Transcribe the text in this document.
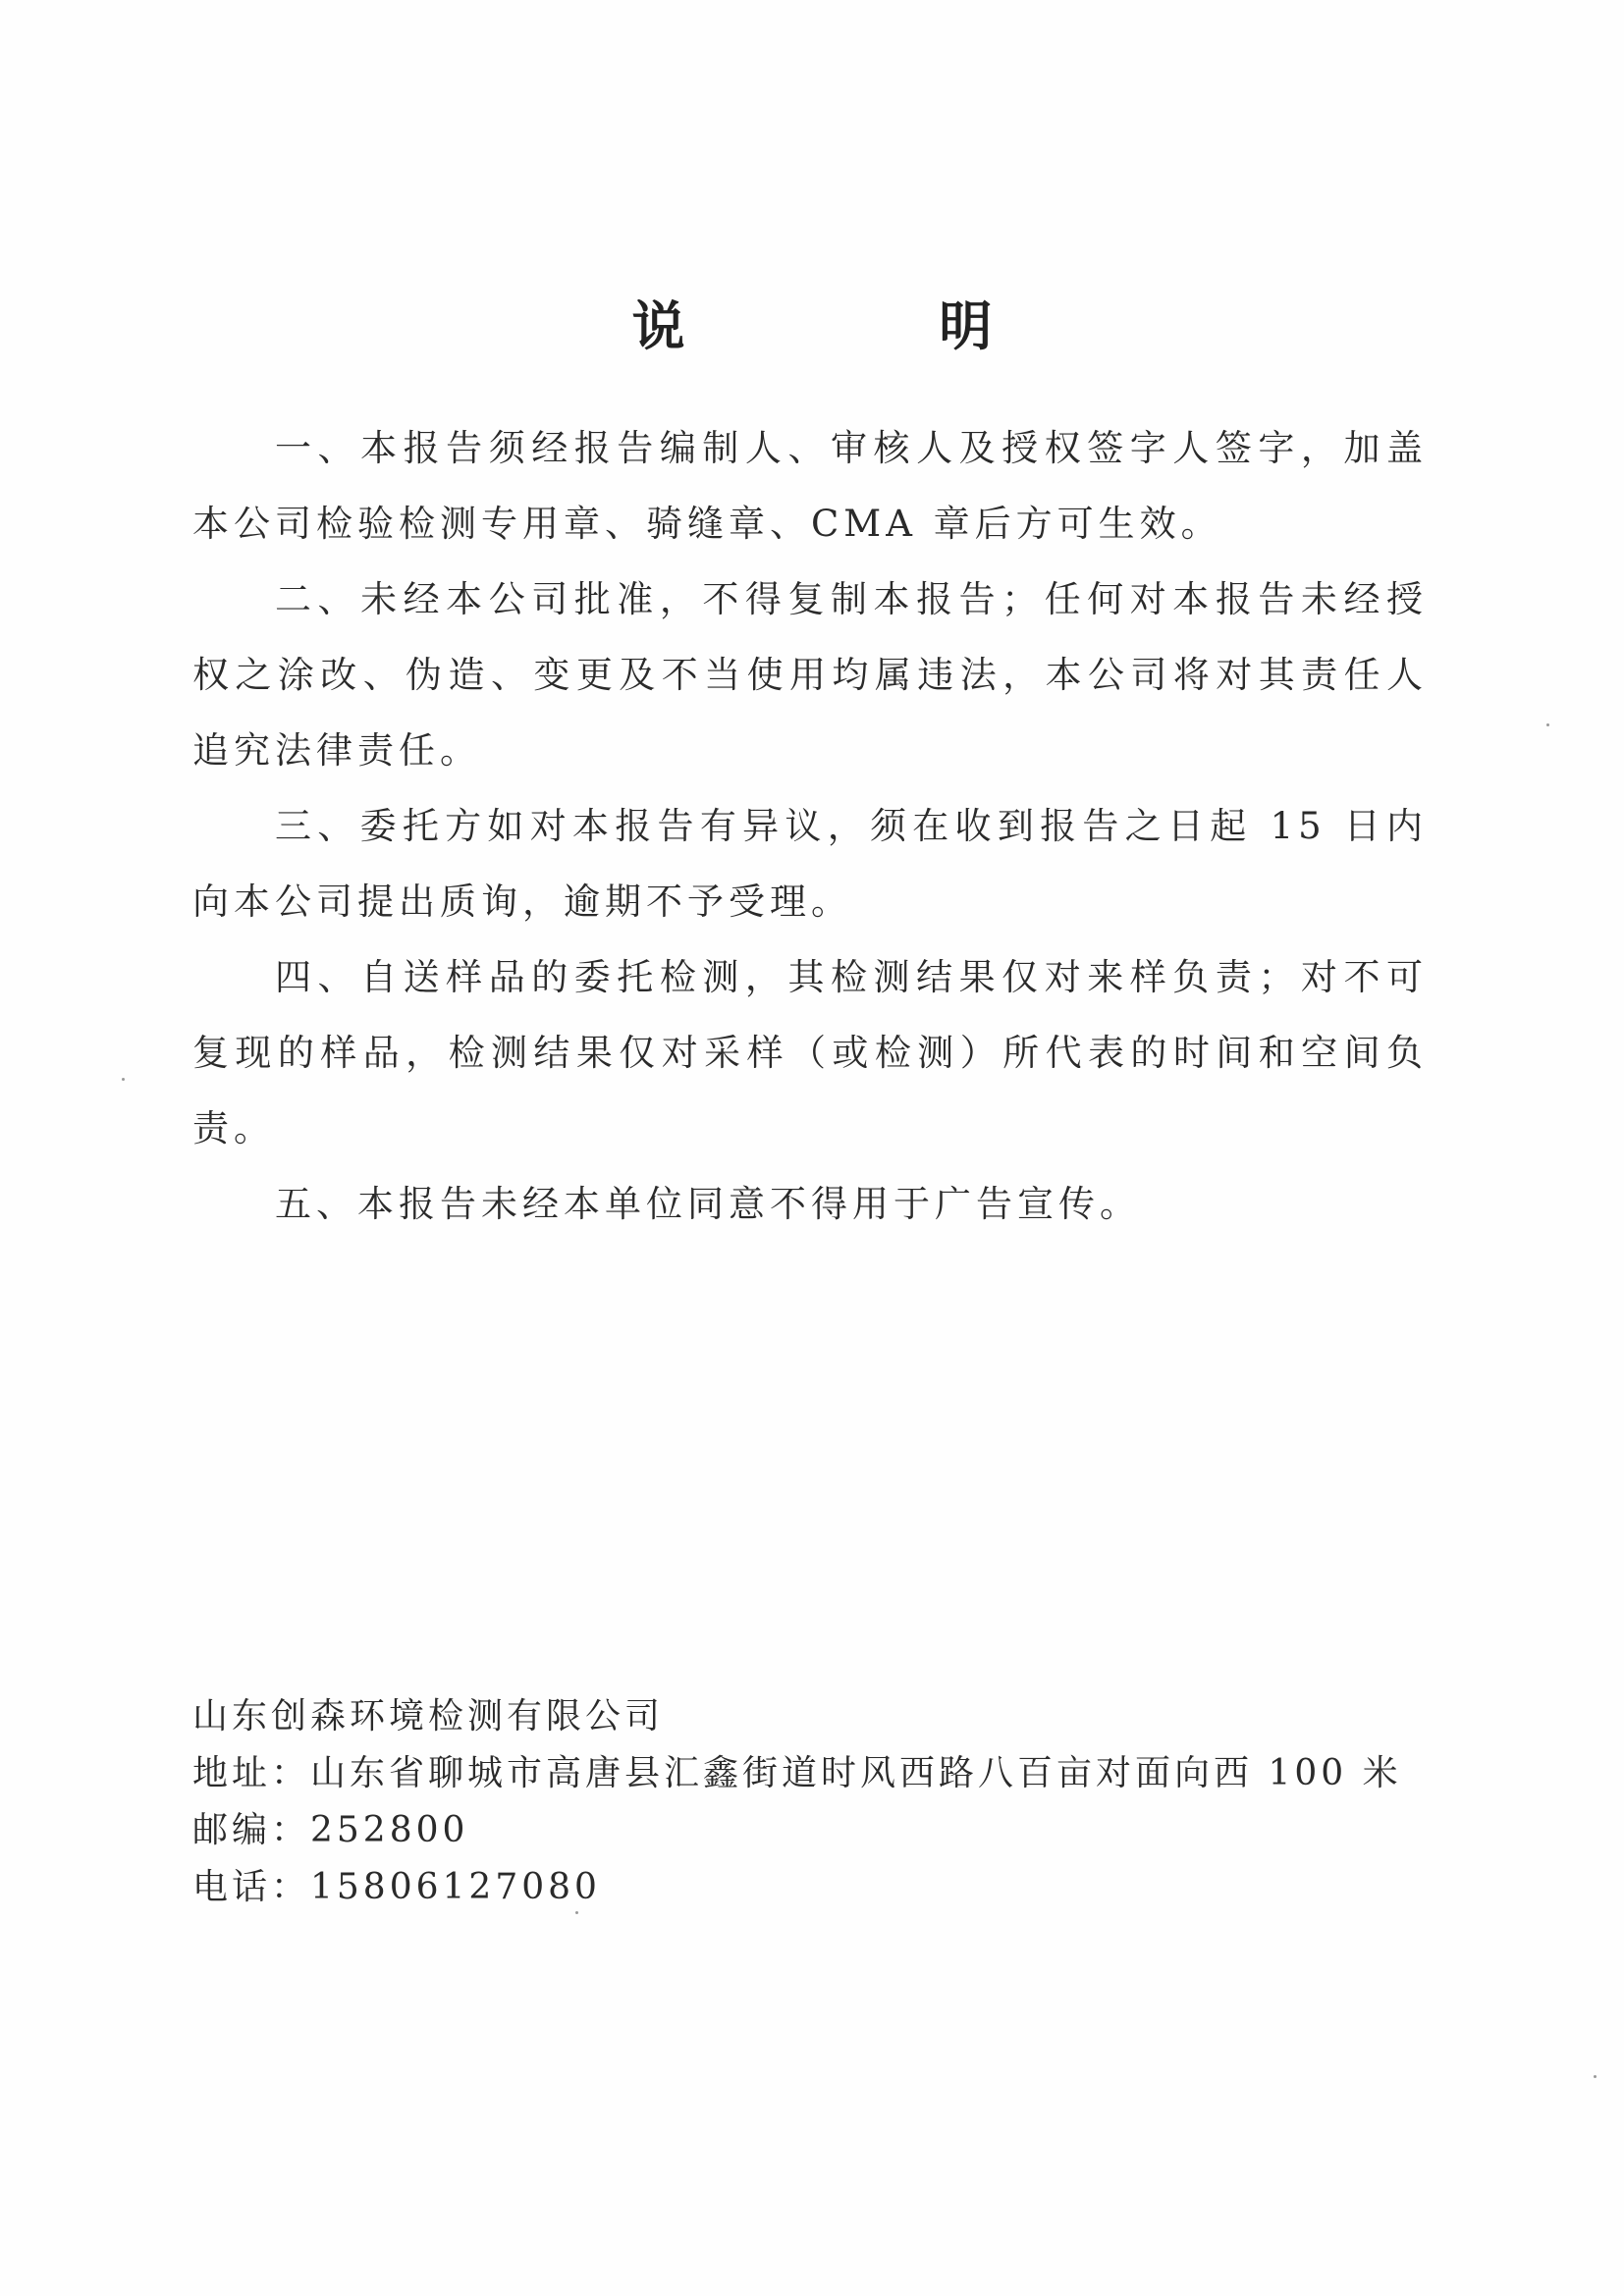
说 明

一、本报告须经报告编制人、审核人及授权签字人签字，加盖本公司检验检测专用章、骑缝章、CMA 章后方可生效。

二、未经本公司批准，不得复制本报告；任何对本报告未经授权之涂改、伪造、变更及不当使用均属违法，本公司将对其责任人追究法律责任。

三、委托方如对本报告有异议，须在收到报告之日起 15 日内向本公司提出质询，逾期不予受理。

四、自送样品的委托检测，其检测结果仅对来样负责；对不可复现的样品，检测结果仅对采样（或检测）所代表的时间和空间负责。

五、本报告未经本单位同意不得用于广告宣传。

山东创森环境检测有限公司

地址：山东省聊城市高唐县汇鑫街道时风西路八百亩对面向西 100 米

邮编：252800

电话：15806127080
